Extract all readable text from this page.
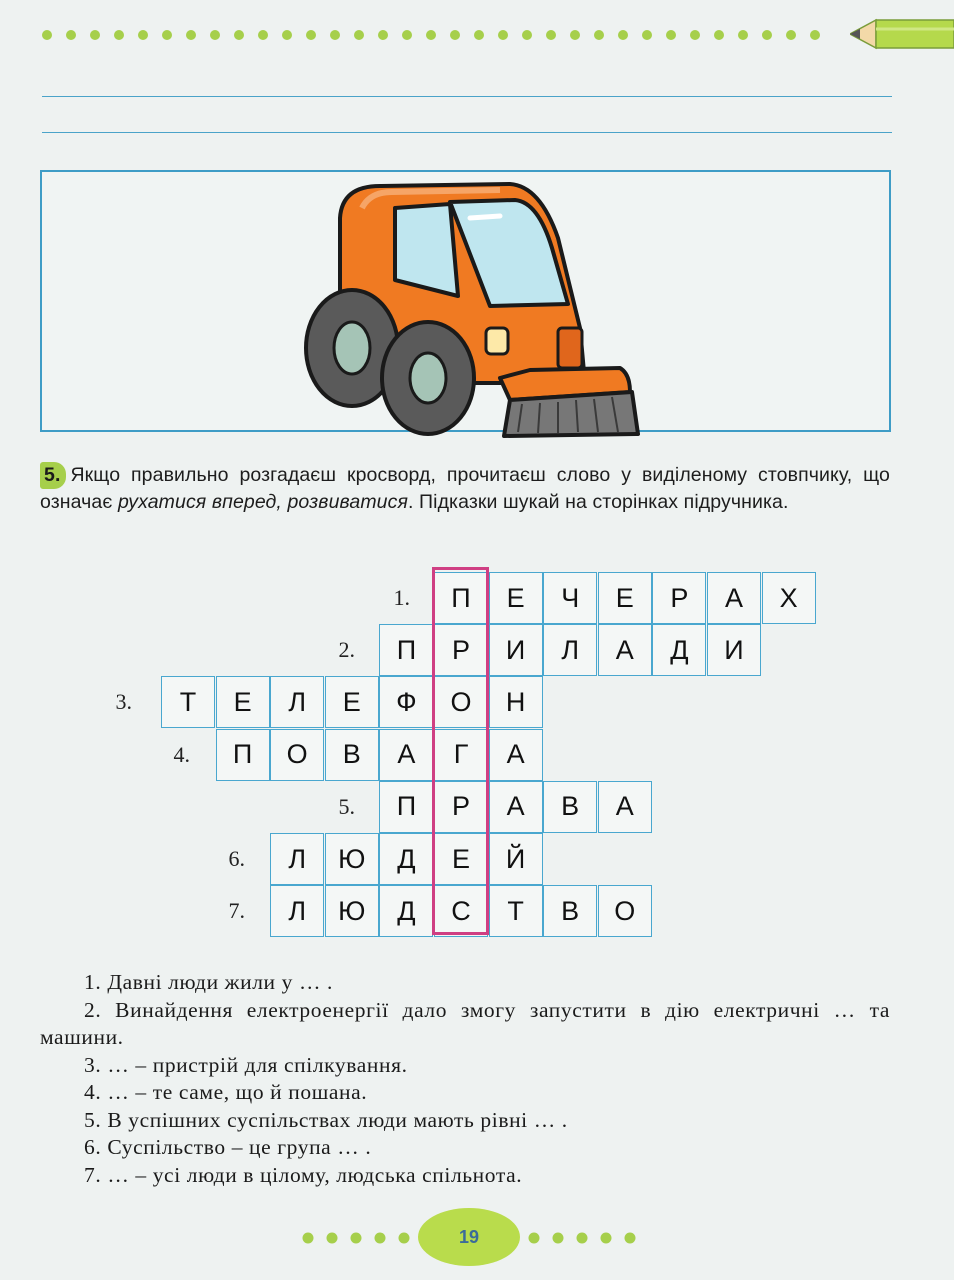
5. Якщо правильно розгадаєш кросворд, прочитаєш слово у виділеному стовпчику, що означає рухатися вперед, розвиватися. Підказки шукай на сторінках підручника.
1.	П	Е	Ч	Е	Р	А	Х
2.	П	Р	И	Л	А	Д	И
3.	Т	Е	Л	Е	Ф	О	Н
4.	П	О	В	А	Г	А
5.	П	Р	А	В	А
6.	Л	Ю	Д	Е	Й
7.	Л	Ю	Д	С	Т	В	О
1. Давні люди жили у … .
2. Винайдення електроенергії дало змогу запустити в дію електричні … та машини.
3. … – пристрій для спілкування.
4. … – те саме, що й пошана.
5. В успішних суспільствах люди мають рівні … .
6. Суспільство – це група … .
7. … – усі люди в цілому, людська спільнота.
19
